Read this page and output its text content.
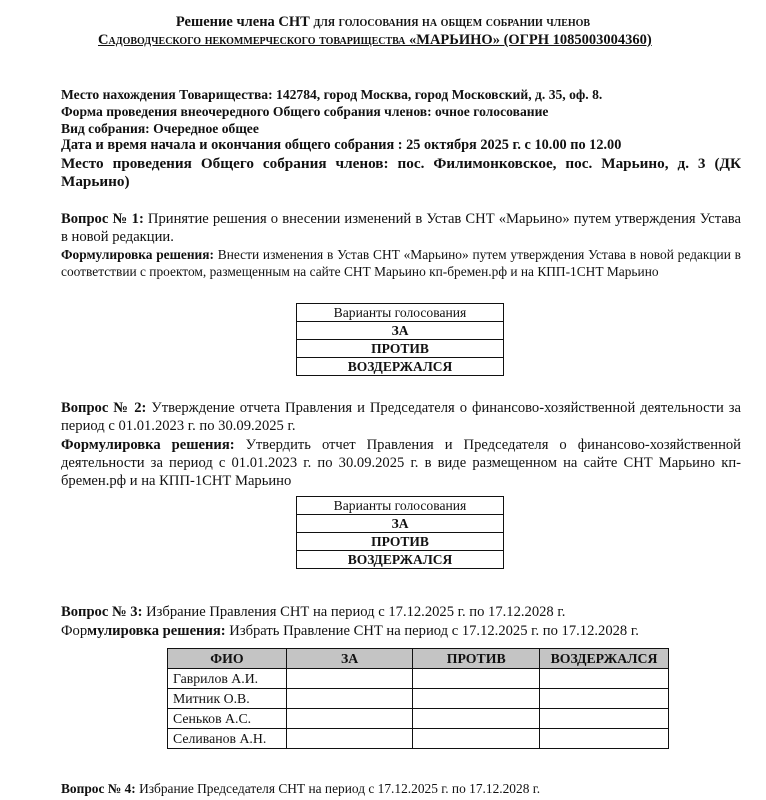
Решение члена СНТ для голосования на общем собрании членов
Садоводческого некоммерческого товарищества «МАРЬИНО» (ОГРН 1085003004360)
Место нахождения Товарищества: 142784, город Москва, город Московский, д. 35, оф. 8.
Форма проведения внеочередного Общего собрания членов: очное голосование
Вид собрания: Очередное общее
Дата и время начала и окончания общего собрания : 25 октября 2025 г. с 10.00 по 12.00
Место проведения Общего собрания членов: пос. Филимонковское, пос. Марьино, д. 3 (ДК Марьино)
Вопрос № 1: Принятие решения о внесении изменений в Устав СНТ «Марьино» путем утверждения Устава в новой редакции.
Формулировка решения: Внести изменения в Устав СНТ «Марьино» путем утверждения Устава в новой редакции в соответствии с проектом, размещенным на сайте СНТ Марьино кп-бремен.рф и на КПП-1СНТ Марьино
Варианты голосования
ЗА
ПРОТИВ
ВОЗДЕРЖАЛСЯ
Вопрос № 2: Утверждение отчета Правления и Председателя о финансово-хозяйственной деятельности за период с 01.01.2023 г. по 30.09.2025 г.
Формулировка решения: Утвердить отчет Правления и Председателя о финансово-хозяйственной деятельности за период с 01.01.2023 г. по 30.09.2025 г. в виде размещенном на сайте СНТ Марьино кп-бремен.рф и на КПП-1СНТ Марьино
Варианты голосования
ЗА
ПРОТИВ
ВОЗДЕРЖАЛСЯ
Вопрос № 3: Избрание Правления СНТ на период с 17.12.2025 г. по 17.12.2028 г.
Формулировка решения: Избрать Правление СНТ на период с 17.12.2025 г. по 17.12.2028 г.
ФИО	ЗА	ПРОТИВ	ВОЗДЕРЖАЛСЯ
Гаврилов А.И.			
Митник О.В.			
Сеньков А.С.			
Селиванов А.Н.			
Вопрос № 4: Избрание Председателя СНТ на период с 17.12.2025 г. по 17.12.2028 г.
